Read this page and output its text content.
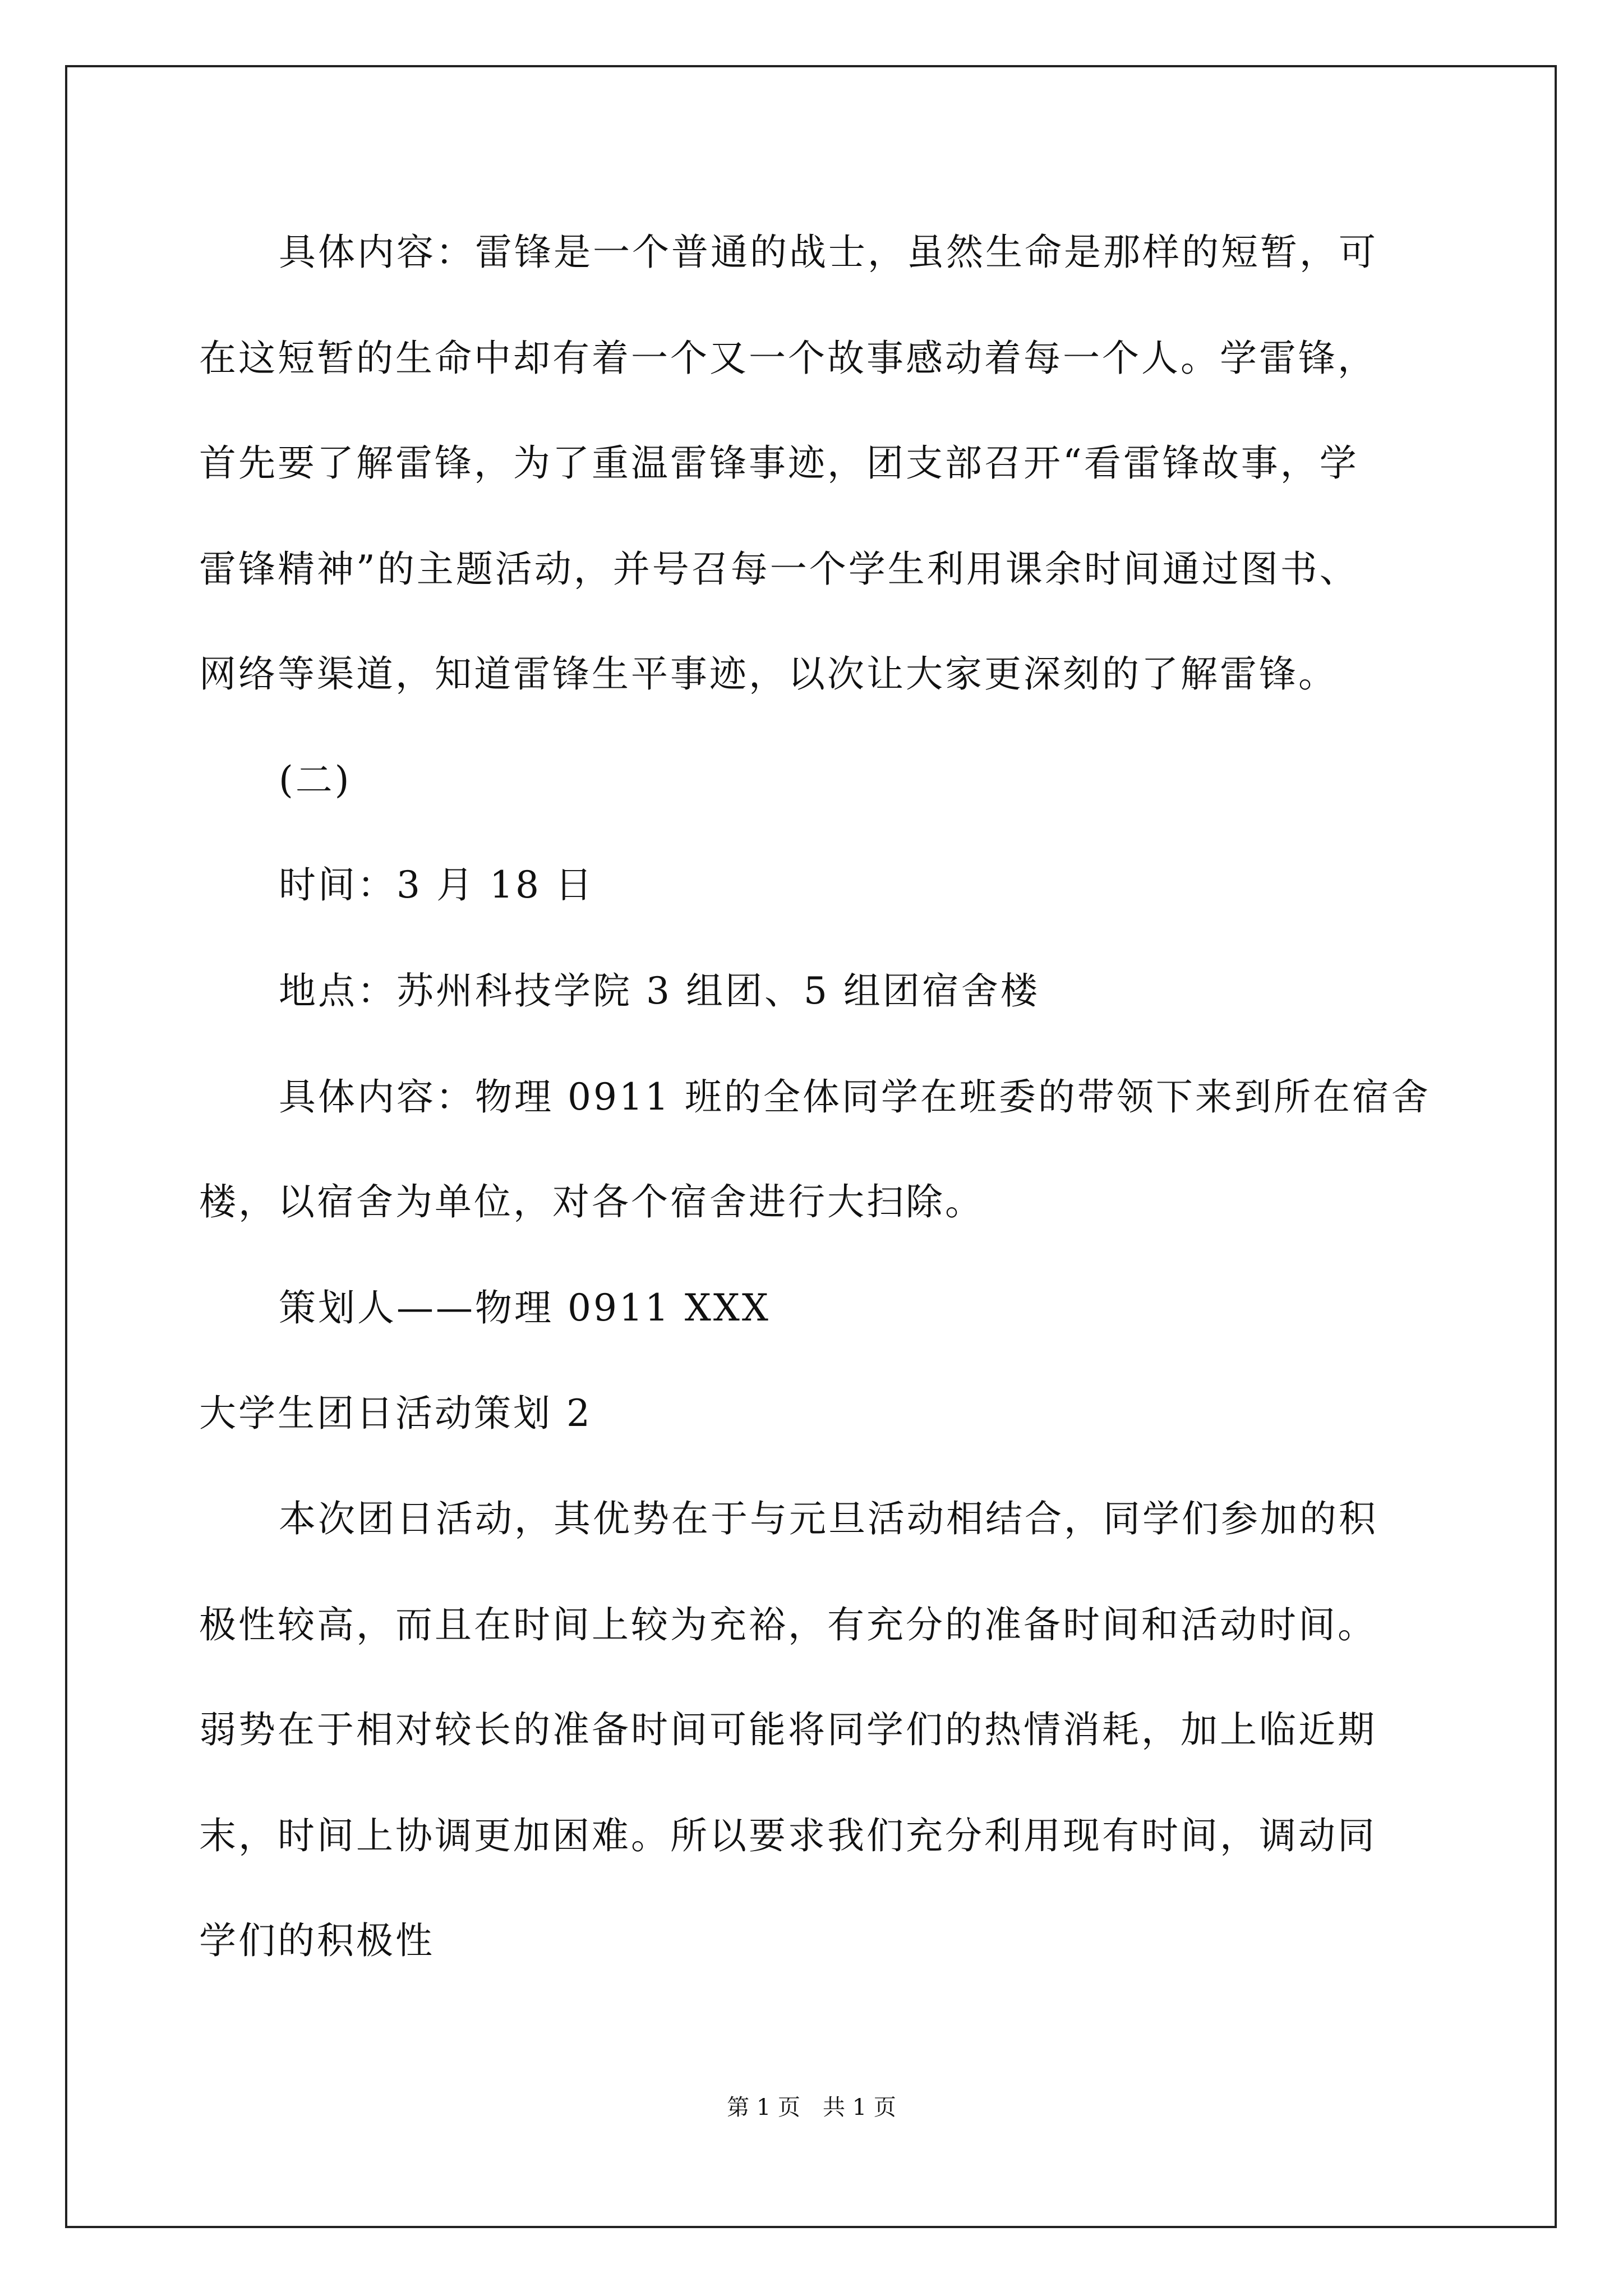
具体内容：雷锋是一个普通的战士，虽然生命是那样的短暂，可
在这短暂的生命中却有着一个又一个故事感动着每一个人。学雷锋，
首先要了解雷锋，为了重温雷锋事迹，团支部召开“看雷锋故事，学
雷锋精神”的主题活动，并号召每一个学生利用课余时间通过图书、
网络等渠道，知道雷锋生平事迹，以次让大家更深刻的了解雷锋。
(二)
时间：3 月 18 日
地点：苏州科技学院 3 组团、5 组团宿舍楼
具体内容：物理 0911 班的全体同学在班委的带领下来到所在宿舍
楼，以宿舍为单位，对各个宿舍进行大扫除。
策划人——物理 0911 XXX
大学生团日活动策划 2
本次团日活动，其优势在于与元旦活动相结合，同学们参加的积
极性较高，而且在时间上较为充裕，有充分的准备时间和活动时间。
弱势在于相对较长的准备时间可能将同学们的热情消耗，加上临近期
末，时间上协调更加困难。所以要求我们充分利用现有时间，调动同
学们的积极性
第 1 页　共 1 页
